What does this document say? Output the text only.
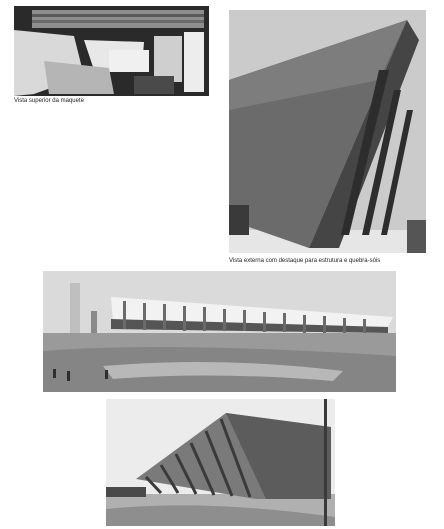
Vista superior da maquete
Vista externa com destaque para estrutura e quebra-sóis
